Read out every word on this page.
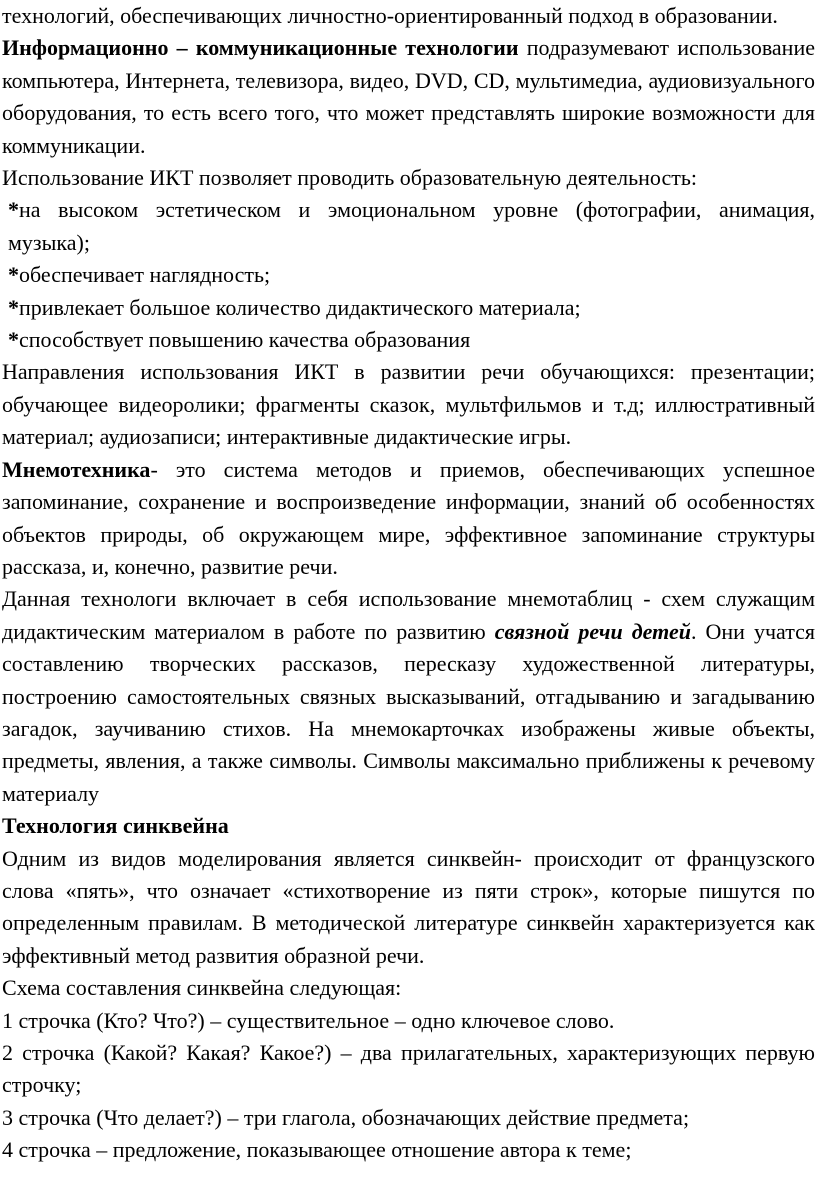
технологий, обеспечивающих личностно-ориентированный подход в образовании.

Информационно – коммуникационные технологии подразумевают использование компьютера, Интернета, телевизора, видео, DVD, CD, мультимедиа, аудиовизуального оборудования, то есть всего того, что может представлять широкие возможности для коммуникации.

Использование ИКТ позволяет проводить образовательную деятельность:

*на высоком эстетическом и эмоциональном уровне (фотографии, анимация, музыка);

*обеспечивает наглядность;

*привлекает большое количество дидактического материала;

*способствует повышению качества образования

Направления использования ИКТ в развитии речи обучающихся: презентации; обучающее видеоролики; фрагменты сказок, мультфильмов и т.д; иллюстративный материал; аудиозаписи; интерактивные дидактические игры.

Мнемотехника- это система методов и приемов, обеспечивающих успешное запоминание, сохранение и воспроизведение информации, знаний об особенностях объектов природы, об окружающем мире, эффективное запоминание структуры рассказа, и, конечно, развитие речи.

Данная технологи включает в себя использование мнемотаблиц - схем служащим дидактическим материалом в работе по развитию связной речи детей. Они учатся составлению творческих рассказов, пересказу художественной литературы, построению самостоятельных связных высказываний, отгадыванию и загадыванию загадок, заучиванию стихов. На мнемокарточках изображены живые объекты, предметы, явления, а также символы. Символы максимально приближены к речевому материалу

Технология синквейна

Одним из видов моделирования является синквейн- происходит от французского слова «пять», что означает «стихотворение из пяти строк», которые пишутся по определенным правилам. В методической литературе синквейн характеризуется как эффективный метод развития образной речи.

Схема составления синквейна следующая:

1 строчка (Кто? Что?) – существительное – одно ключевое слово.

2 строчка (Какой? Какая? Какое?) – два прилагательных, характеризующих первую строчку;

3 строчка (Что делает?) – три глагола, обозначающих действие предмета;

4 строчка – предложение, показывающее отношение автора к теме;
